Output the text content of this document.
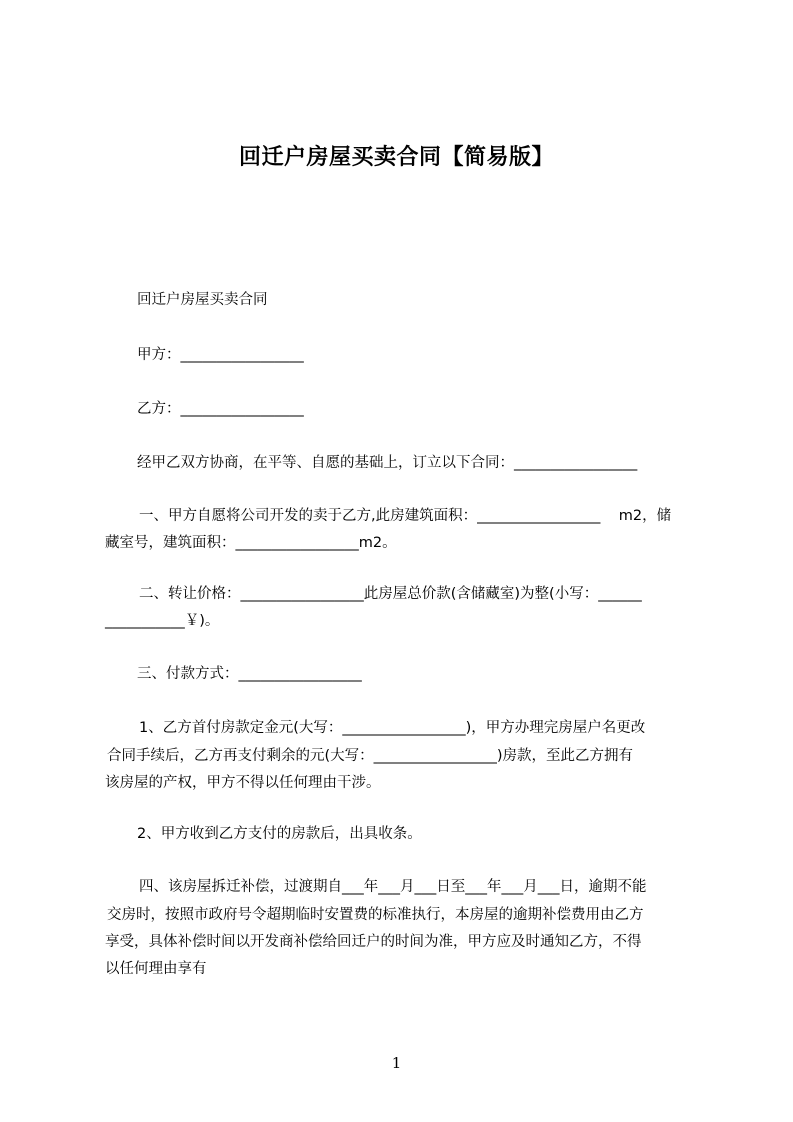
回迁户房屋买卖合同【简易版】
回迁户房屋买卖合同
甲方：_________________
乙方：_________________
经甲乙双方协商，在平等、自愿的基础上，订立以下合同：_________________
一、甲方自愿将公司开发的卖于乙方,此房建筑面积：_________________    m2，储
藏室号，建筑面积：_________________m2。
二、转让价格：_________________此房屋总价款(含储藏室)为整(小写：______
___________￥)。
三、付款方式：_________________
1、乙方首付房款定金元(大写：_________________)，甲方办理完房屋户名更改
合同手续后，乙方再支付剩余的元(大写：_________________)房款，至此乙方拥有
该房屋的产权，甲方不得以任何理由干涉。
2、甲方收到乙方支付的房款后，出具收条。
四、该房屋拆迁补偿，过渡期自___年___月___日至___年___月___日，逾期不能
交房时，按照市政府号令超期临时安置费的标准执行，本房屋的逾期补偿费用由乙方
享受，具体补偿时间以开发商补偿给回迁户的时间为准，甲方应及时通知乙方，不得
以任何理由享有
1
